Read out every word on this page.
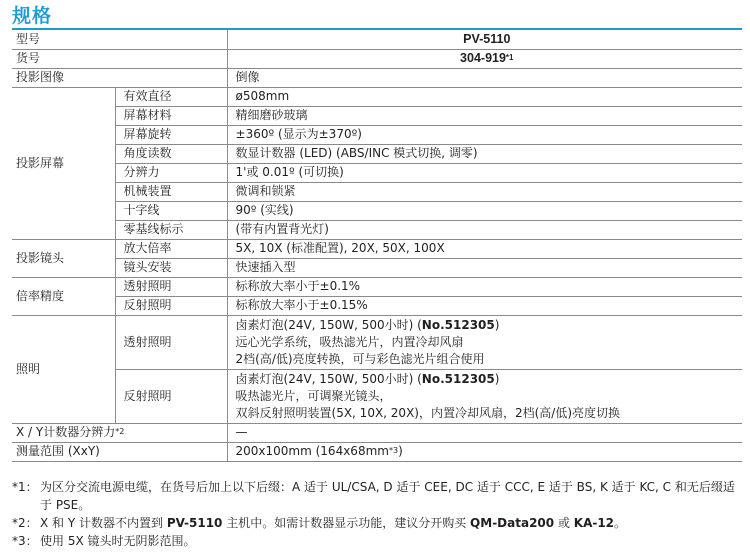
规格
型号		PV-5110
货号		304-919$^{*1}$
投影图像		倒像
投影屏幕	有效直径	ø508mm
	屏幕材料	精细磨砂玻璃
	屏幕旋转	±360º (显示为±370º)
	角度读数	数显计数器 (LED) (ABS/INC 模式切换, 调零)
	分辨力	1'或 0.01º (可切换)
	机械装置	微调和锁紧
	十字线	90º (实线)
	零基线标示	(带有内置背光灯)
投影镜头	放大倍率	5X, 10X (标准配置), 20X, 50X, 100X
	镜头安装	快速插入型
倍率精度	透射照明	标称放大率小于±0.1%
	反射照明	标称放大率小于±0.15%
照明	透射照明	卤素灯泡(24V, 150W, 500小时) (No.512305)
远心光学系统，吸热滤光片，内置冷却风扇
2档(高/低)亮度转换，可与彩色滤光片组合使用

	反射照明	卤素灯泡(24V, 150W, 500小时) (No.512305)
吸热滤光片，可调聚光镜头，
双斜反射照明装置(5X, 10X, 20X)，内置冷却风扇，2档(高/低)亮度切换

X / Y计数器分辨力$^{*2}$		—
测量范围 (XxY)		200x100mm $(164x68mm^{*3})$
*1： 为区分交流电源电缆，在货号后加上以下后缀：A 适于 UL/CSA, D 适于 CEE, DC 适于 CCC, E 适于 BS, K 适于 KC, C 和无后缀适于 PSE。
*2： X 和 Y 计数器不内置到 PV-5110 主机中。如需计数器显示功能，建议分开购买 QM-Data200 或 KA-12。
*3： 使用 5X 镜头时无阴影范围。
